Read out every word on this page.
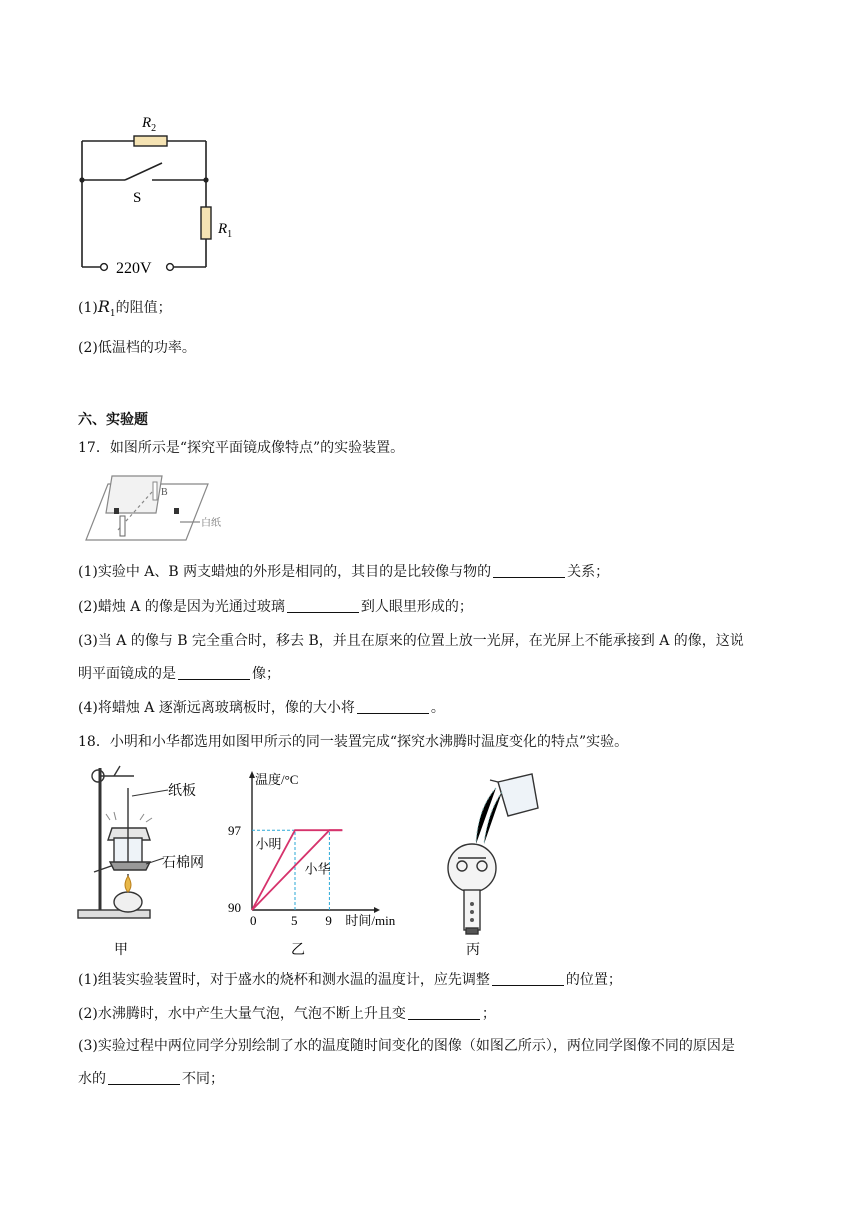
$R_2$
S
$R_1$
220V
$(1)R_1$的阻值；
(2)低温档的功率。
六、实验题
17．如图所示是“探究平面镜成像特点”的实验装置。
B
白纸
(1)实验中 A、B 两支蜡烛的外形是相同的，其目的是比较像与物的	关系；
(2)蜡烛 A 的像是因为光通过玻璃	到人眼里形成的；
(3)当 A 的像与 B 完全重合时，移去 B，并且在原来的位置上放一光屏，在光屏上不能承接到 A 的像，这说
明平面镜成的是	像；
(4)将蜡烛 A 逐渐远离玻璃板时，像的大小将	。
18．小明和小华都选用如图甲所示的同一装置完成“探究水沸腾时温度变化的特点”实验。
纸板
石棉网
甲
小明
小华
0	5 9
90
97
温度/°C
时间/min
乙	丙
(1)组装实验装置时，对于盛水的烧杯和测水温的温度计，应先调整	的位置；
(2)水沸腾时，水中产生大量气泡，气泡不断上升且变	；
(3)实验过程中两位同学分别绘制了水的温度随时间变化的图像（如图乙所示），两位同学图像不同的原因是
水的	不同；
